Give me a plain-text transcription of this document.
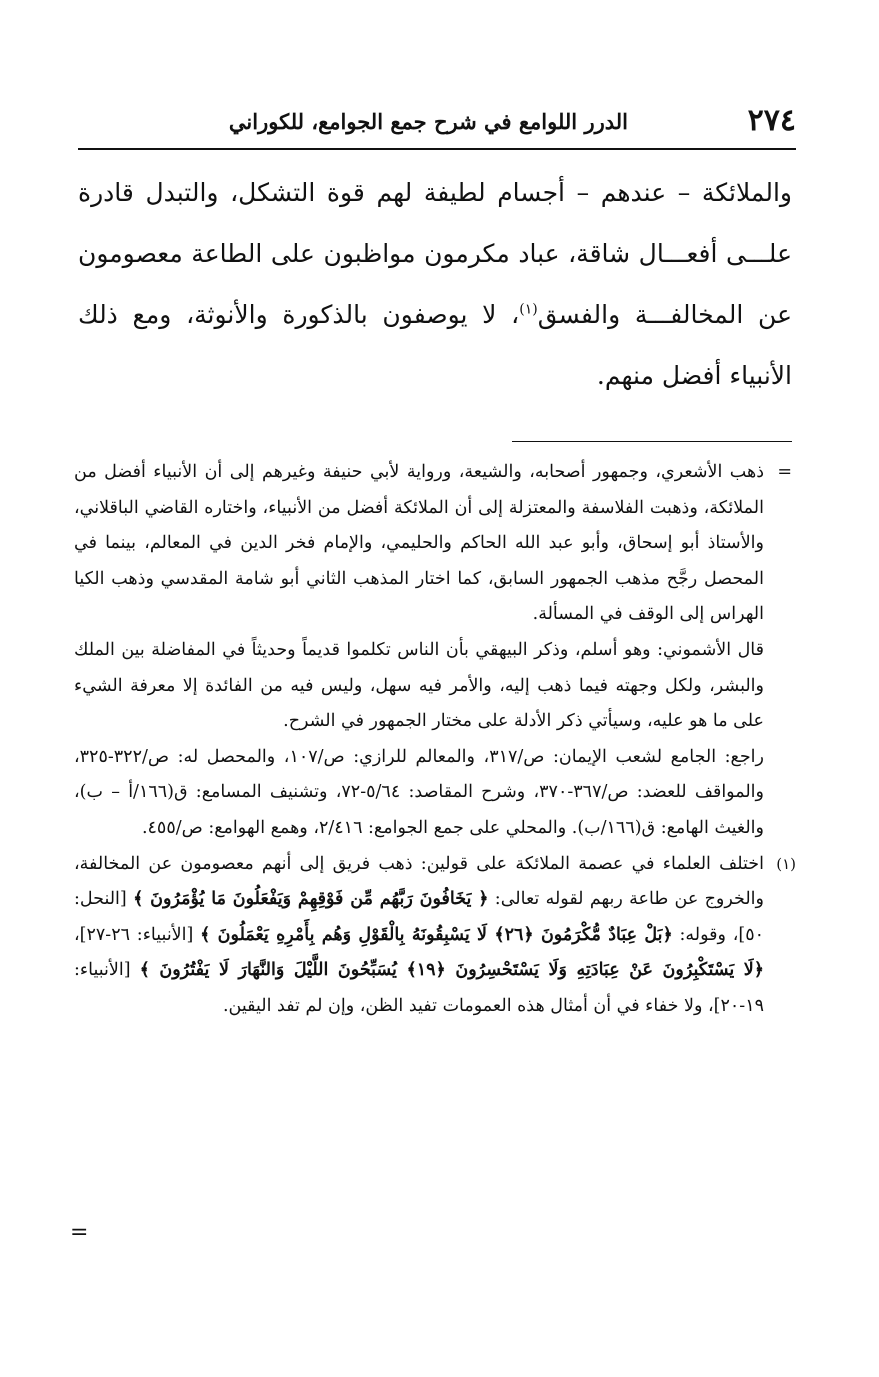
٢٧٤
الدرر اللوامع في شرح جمع الجوامع، للكوراني

والملائكة – عندهم – أجسام لطيفة لهم قوة التشكل، والتبدل قادرة علـــى أفعـــال شاقة، عباد مكرمون مواظبون على الطاعة معصومون عن المخالفـــة والفسق$^{(١)}$، لا يوصفون بالذكورة والأنوثة، ومع ذلك الأنبياء أفضل منهم.

=
ذهب الأشعري، وجمهور أصحابه، والشيعة، ورواية لأبي حنيفة وغيرهم إلى أن الأنبياء أفضل من الملائكة، وذهبت الفلاسفة والمعتزلة إلى أن الملائكة أفضل من الأنبياء، واختاره القاضي الباقلاني، والأستاذ أبو إسحاق، وأبو عبد الله الحاكم والحليمي، والإمام فخر الدين في المعالم، بينما في المحصل رجَّح مذهب الجمهور السابق، كما اختار المذهب الثاني أبو شامة المقدسي وذهب الكيا الهراس إلى الوقف في المسألة.

قال الأشموني: وهو أسلم، وذكر البيهقي بأن الناس تكلموا قديماً وحديثاً في المفاضلة بين الملك والبشر، ولكل وجهته فيما ذهب إليه، والأمر فيه سهل، وليس فيه من الفائدة إلا معرفة الشيء على ما هو عليه، وسيأتي ذكر الأدلة على مختار الجمهور في الشرح.

راجع: الجامع لشعب الإيمان: ص/٣١٧، والمعالم للرازي: ص/١٠٧، والمحصل له: ص/٣٢٢-٣٢٥، والمواقف للعضد: ص/٣٦٧-٣٧٠، وشرح المقاصد: ٥/٦٤-٧٢، وتشنيف المسامع: ق(١٦٦/أ – ب)، والغيث الهامع: ق(١٦٦/ب). والمحلي على جمع الجوامع: ٢/٤١٦، وهمع الهوامع: ص/٤٥٥.

(١)
اختلف العلماء في عصمة الملائكة على قولين: ذهب فريق إلى أنهم معصومون عن المخالفة، والخروج عن طاعة ربهم لقوله تعالى: ﴿ يَخَافُونَ رَبَّهُم مِّن فَوْقِهِمْ وَيَفْعَلُونَ مَا يُؤْمَرُونَ ﴾ [النحل: ٥٠]، وقوله: ﴿بَلْ عِبَادٌ مُّكْرَمُونَ ﴿٢٦﴾ لَا يَسْبِقُونَهُ بِالْقَوْلِ وَهُم بِأَمْرِهِ يَعْمَلُونَ ﴾ [الأنبياء: ٢٦-٢٧]، ﴿لَا يَسْتَكْبِرُونَ عَنْ عِبَادَتِهِ وَلَا يَسْتَحْسِرُونَ ﴿١٩﴾ يُسَبِّحُونَ اللَّيْلَ وَالنَّهَارَ لَا يَفْتُرُونَ ﴾ [الأنبياء: ١٩-٢٠]، ولا خفاء في أن أمثال هذه العمومات تفيد الظن، وإن لم تفد اليقين.

=
